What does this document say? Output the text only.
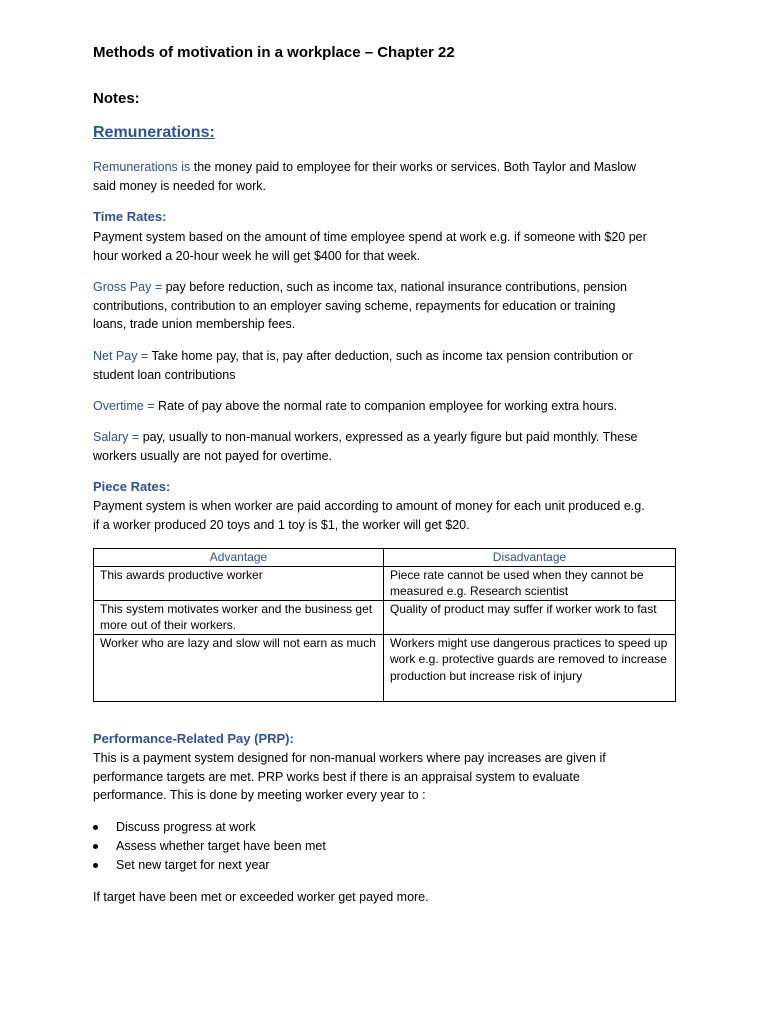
Methods of motivation in a workplace – Chapter 22
Notes:
Remunerations:
Remunerations is the money paid to employee for their works or services. Both Taylor and Maslow
said money is needed for work.
Time Rates:
Payment system based on the amount of time employee spend at work e.g. if someone with $20 per
hour worked a 20-hour week he will get $400 for that week.
Gross Pay = pay before reduction, such as income tax, national insurance contributions, pension
contributions, contribution to an employer saving scheme, repayments for education or training
loans, trade union membership fees.
Net Pay = Take home pay, that is, pay after deduction, such as income tax pension contribution or
student loan contributions
Overtime = Rate of pay above the normal rate to companion employee for working extra hours.
Salary = pay, usually to non-manual workers, expressed as a yearly figure but paid monthly. These
workers usually are not payed for overtime.
Piece Rates:
Payment system is when worker are paid according to amount of money for each unit produced e.g.
if a worker produced 20 toys and 1 toy is $1, the worker will get $20.
Advantage	Disadvantage
This awards productive worker	Piece rate cannot be used when they cannot be measured e.g. Research scientist
This system motivates worker and the business get more out of their workers.	Quality of product may suffer if worker work to fast
Worker who are lazy and slow will not earn as much	Workers might use dangerous practices to speed up work e.g. protective guards are removed to increase production but increase risk of injury
Performance-Related Pay (PRP):
This is a payment system designed for non-manual workers where pay increases are given if
performance targets are met. PRP works best if there is an appraisal system to evaluate
performance. This is done by meeting worker every year to :
Discuss progress at work
Assess whether target have been met
Set new target for next year
If target have been met or exceeded worker get payed more.
